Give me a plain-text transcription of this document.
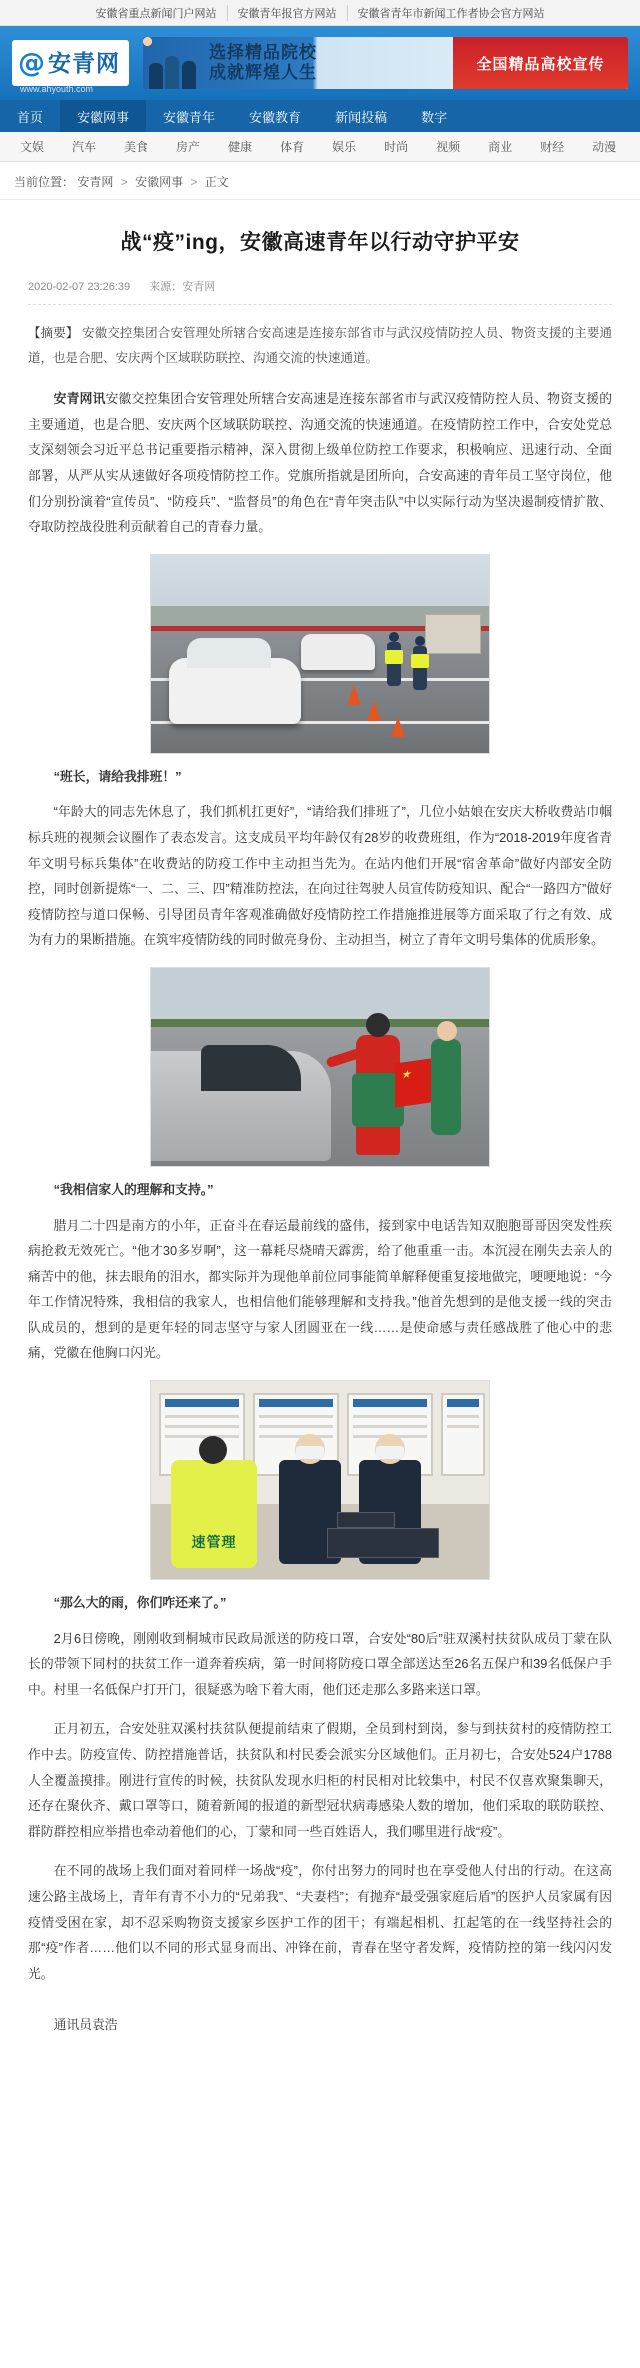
安徽省重点新闻门户网站	安徽青年报官方网站	安徽省青年市新闻工作者协会官方网站
@ 安青网
www.ahyouth.com
选择精品院校
成就辉煌人生	全国精品高校宣传
首页	安徽网事	安徽青年	安徽教育	新闻投稿	数字
文娱	汽车	美食	房产	健康	体育	娱乐	时尚	视频	商业	财经	动漫
当前位置： 安青网 > 安徽网事 > 正文
战“疫”ing，安徽高速青年以行动守护平安
2020-02-07 23:26:39 来源：安青网
【摘要】 安徽交控集团合安管理处所辖合安高速是连接东部省市与武汉疫情防控人员、物资支援的主要通道，也是合肥、安庆两个区域联防联控、沟通交流的快速通道。

安青网讯安徽交控集团合安管理处所辖合安高速是连接东部省市与武汉疫情防控人员、物资支援的主要通道，也是合肥、安庆两个区域联防联控、沟通交流的快速通道。在疫情防控工作中，合安处党总支深刻领会习近平总书记重要指示精神，深入贯彻上级单位防控工作要求，积极响应、迅速行动、全面部署，从严从实从速做好各项疫情防控工作。党旗所指就是团所向，合安高速的青年员工坚守岗位，他们分别扮演着“宣传员”、“防疫兵”、“监督员”的角色在“青年突击队”中以实际行动为坚决遏制疫情扩散、夺取防控战役胜利贡献着自己的青春力量。

“班长，请给我排班！”

“年龄大的同志先休息了，我们抓机扛更好”，“请给我们排班了”，几位小姑娘在安庆大桥收费站巾帼标兵班的视频会议圈作了表态发言。这支成员平均年龄仅有28岁的收费班组，作为“2018-2019年度省青年文明号标兵集体”在收费站的防疫工作中主动担当先为。在站内他们开展“宿舍革命”做好内部安全防控，同时创新提炼“一、二、三、四”精准防控法，在向过往驾驶人员宣传防疫知识、配合“一路四方”做好疫情防控与道口保畅、引导团员青年客观准确做好疫情防控工作措施推进展等方面采取了行之有效、成为有力的果断措施。在筑牢疫情防线的同时做亮身份、主动担当，树立了青年文明号集体的优质形象。

★

“我相信家人的理解和支持。”

腊月二十四是南方的小年，正奋斗在春运最前线的盛伟，接到家中电话告知双胞胞哥哥因突发性疾病抢救无效死亡。“他才30多岁啊”，这一幕耗尽烧晴天霹雳，给了他重重一击。本沉浸在刚失去亲人的痛苦中的他，抹去眼角的泪水，都实际并为现他单前位同事能简单解释便重复接地做完，哽哽地说：“今年工作情况特殊，我相信的我家人，也相信他们能够理解和支持我。”他首先想到的是他支援一线的突击队成员的，想到的是更年轻的同志坚守与家人团圆亚在一线……是使命感与责任感战胜了他心中的悲痛，党徽在他胸口闪光。

速管理

“那么大的雨，你们咋还来了。”

2月6日傍晚，刚刚收到桐城市民政局派送的防疫口罩，合安处“80后”驻双溪村扶贫队成员丁蒙在队长的带领下同村的扶贫工作一道奔着疾病，第一时间将防疫口罩全部送达至26名五保户和39名低保户手中。村里一名低保户打开门，很疑惑为啥下着大雨，他们还走那么多路来送口罩。

正月初五，合安处驻双溪村扶贫队便提前结束了假期，全员到村到岗，参与到扶贫村的疫情防控工作中去。防疫宣传、防控措施普话，扶贫队和村民委会派实分区域他们。正月初七，合安处524户1788人全覆盖摸排。刚进行宣传的时候，扶贫队发现水归柜的村民相对比较集中，村民不仅喜欢聚集聊天，还存在聚伙齐、戴口罩等口，随着新闻的报道的新型冠状病毒感染人数的增加，他们采取的联防联控、群防群控相应举措也牵动着他们的心，丁蒙和同一些百姓语人，我们哪里进行战“疫”。

在不同的战场上我们面对着同样一场战“疫”，你付出努力的同时也在享受他人付出的行动。在这高速公路主战场上，青年有青不小力的“兄弟我”、“夫妻档”；有抛弃“最受强家庭后盾”的医护人员家属有因疫情受困在家，却不忍采购物资支援家乡医护工作的团干；有端起相机、扛起笔的在一线坚持社会的那“疫”作者……他们以不同的形式显身而出、冲锋在前，青春在坚守者发辉，疫情防控的第一线闪闪发光。

通讯员袁浩
